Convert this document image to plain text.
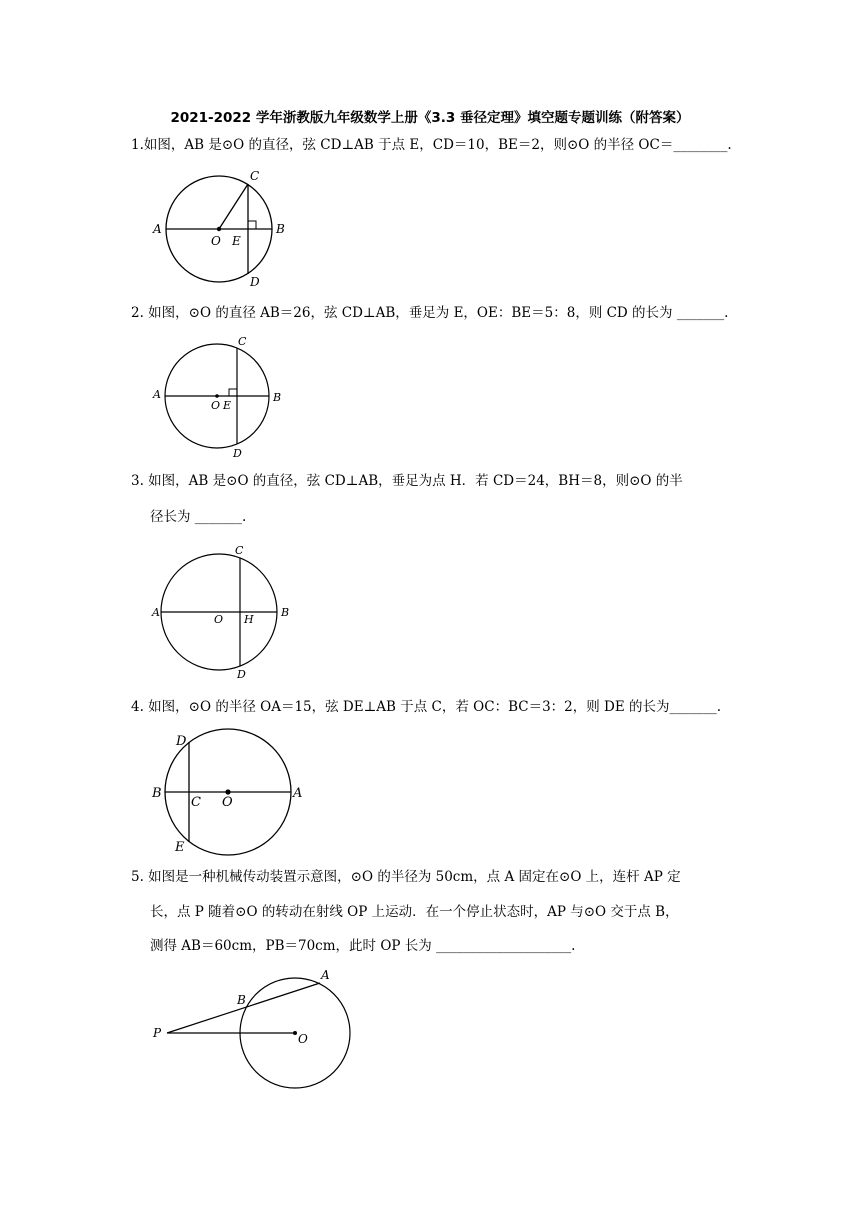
2021-2022 学年浙教版九年级数学上册《3.3 垂径定理》填空题专题训练（附答案）
1.如图，AB 是⊙O 的直径，弦 CD⊥AB 于点 E，CD＝10，BE＝2，则⊙O 的半径 OC＝________.
A	B
C
D
O E
2. 如图，⊙O 的直径 AB＝26，弦 CD⊥AB，垂足为 E，OE：BE＝5：8，则 CD 的长为 _______.
A	B
C
D
O E
3. 如图，AB 是⊙O 的直径，弦 CD⊥AB，垂足为点 H．若 CD＝24，BH＝8，则⊙O 的半
径长为 _______.
A	B
C
D
O H
4. 如图，⊙O 的半径 OA＝15，弦 DE⊥AB 于点 C，若 OC：BC＝3：2，则 DE 的长为_______.
D
B
C O
A
E
5. 如图是一种机械传动装置示意图，⊙O 的半径为 50cm，点 A 固定在⊙O 上，连杆 AP 定
长，点 P 随着⊙O 的转动在射线 OP 上运动．在一个停止状态时，AP 与⊙O 交于点 B，
测得 AB＝60cm，PB＝70cm，此时 OP 长为 ____________________.
A
B
P	O
